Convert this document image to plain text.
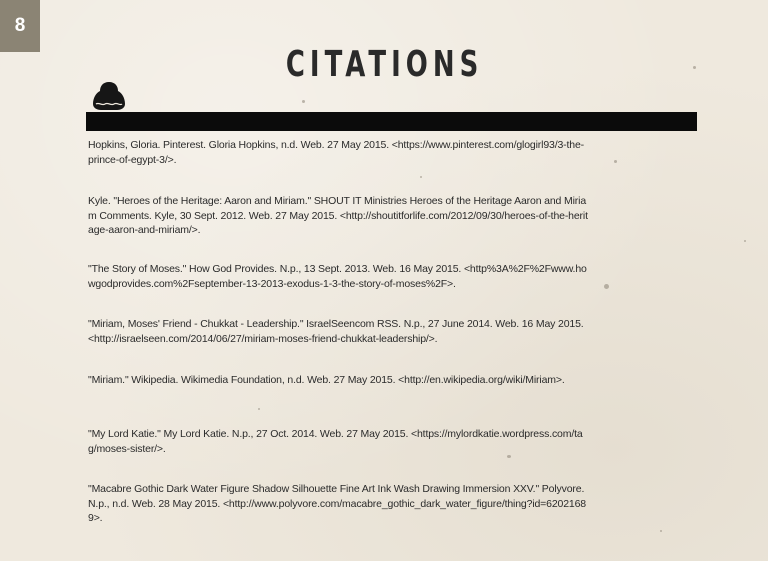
8
CITATIONS
Hopkins, Gloria. Pinterest. Gloria Hopkins, n.d. Web. 27 May 2015. <https://www.pinterest.com/glogirl93/3-the-prince-of-egypt-3/>.
Kyle. "Heroes of the Heritage: Aaron and Miriam." SHOUT IT Ministries Heroes of the Heritage Aaron and Miriam Comments. Kyle, 30 Sept. 2012. Web. 27 May 2015. <http://shoutitforlife.com/2012/09/30/heroes-of-the-heritage-aaron-and-miriam/>.
"The Story of Moses." How God Provides. N.p., 13 Sept. 2013. Web. 16 May 2015. <http%3A%2F%2Fwww.howgodprovides.com%2Fseptember-13-2013-exodus-1-3-the-story-of-moses%2F>.
"Miriam, Moses' Friend - Chukkat - Leadership." IsraelSeencom RSS. N.p., 27 June 2014. Web. 16 May 2015. <http://israelseen.com/2014/06/27/miriam-moses-friend-chukkat-leadership/>.
"Miriam." Wikipedia. Wikimedia Foundation, n.d. Web. 27 May 2015. <http://en.wikipedia.org/wiki/Miriam>.
"My Lord Katie." My Lord Katie. N.p., 27 Oct. 2014. Web. 27 May 2015. <https://mylordkatie.wordpress.com/tag/moses-sister/>.
"Macabre Gothic Dark Water Figure Shadow Silhouette Fine Art Ink Wash Drawing Immersion XXV." Polyvore. N.p., n.d. Web. 28 May 2015. <http://www.polyvore.com/macabre_gothic_dark_water_figure/thing?id=62021689>.
